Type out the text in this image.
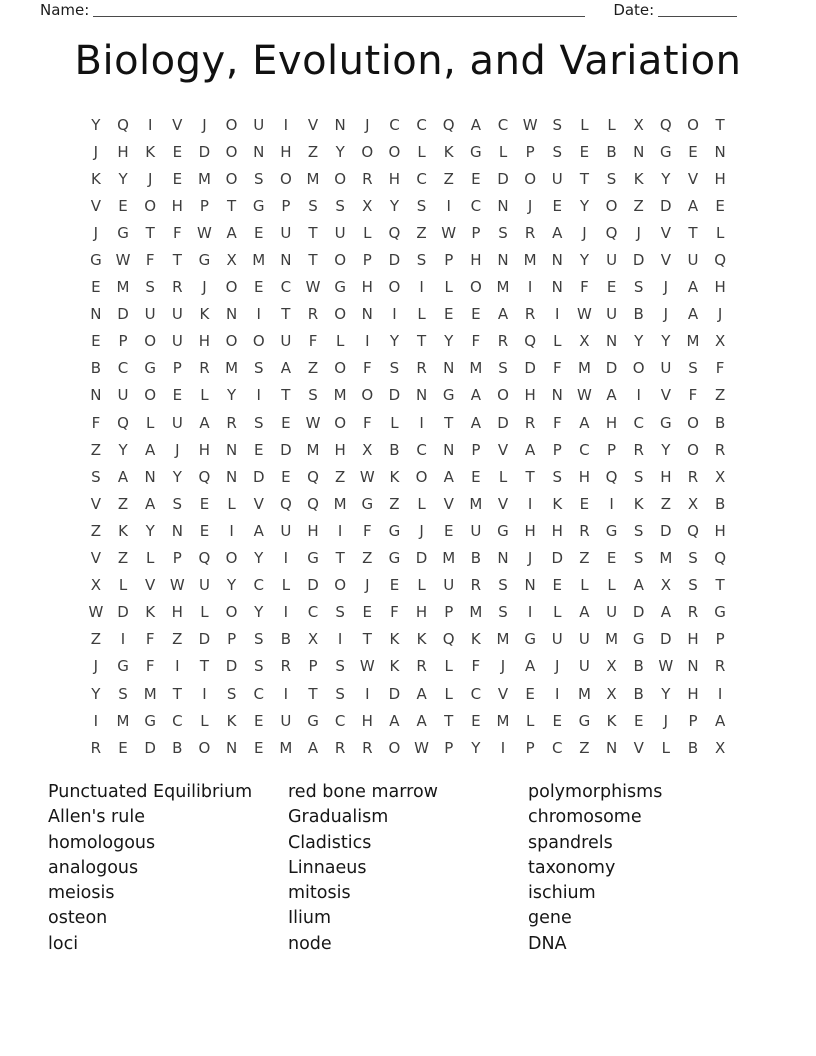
Name:	Date:
Biology, Evolution, and Variation
Y	Q	I	V	J	O	U	I	V	N	J	C	C	Q	A	C W S	L	L	X	Q	O	T
J	H	K	E	D	O	N	H	Z	Y	O	O	L	K	G	L	P	S	E	B	N	G	E	N
K	Y	J	E	M O	S	O M O	R	H	C	Z	E	D	O	U	T	S	K	Y	V	H
V	E	O	H	P	T	G	P	S	S	X	Y	S	I	C	N	J	E	Y	O	Z	D	A	E
J	G	T	F	W A	E	U	T	U	L	Q	Z W	P	S	R	A	J	Q	J	V	T	L
G W	F	T	G	X	M	N	T	O	P	D	S	P	H	N	M	N	Y	U	D	V	U	Q
E	M	S	R	J	O	E	C W G	H	O	I	L	O M	I	N	F	E	S	J	A	H
N	D	U	U	K	N	I	T	R	O	N	I	L	E	E	A	R	I	W U	B	J	A	J
E	P	O	U	H	O	O	U	F	L	I	Y	T	Y	F	R	Q	L	X	N	Y	Y	M	X
B	C	G	P	R	M	S	A	Z	O	F	S	R	N	M	S	D	F	M D	O	U	S	F
N	U	O	E	L	Y	I	T	S	M O	D	N	G	A	O	H	N W A	I	V	F	Z
F	Q	L	U	A	R	S	E W O	F	L	I	T	A	D	R	F	A	H	C	G	O	B
Z	Y	A	J	H	N	E	D M	H	X	B	C	N	P	V	A	P	C	P	R	Y	O	R
S	A	N	Y	Q	N	D	E	Q	Z W K	O	A	E	L	T	S	H	Q	S	H	R	X
V	Z	A	S	E	L	V	Q	Q M G	Z	L	V	M	V	I	K	E	I	K	Z	X	B
Z	K	Y	N	E	I	A	U	H	I	F	G	J	E	U	G	H	H	R	G	S	D	Q	H
V	Z	L	P	Q	O	Y	I	G	T	Z	G	D M	B	N	J	D	Z	E	S	M	S	Q
X	L	V W U	Y	C	L	D	O	J	E	L	U	R	S	N	E	L	L	A	X	S	T
W D	K	H	L	O	Y	I	C	S	E	F	H	P	M	S	I	L	A	U	D	A	R	G
Z	I	F	Z	D	P	S	B	X	I	T	K	K	Q	K	M G	U	U	M G	D	H	P
J	G	F	I	T	D	S	R	P	S W K	R	L	F	J	A	J	U	X	B W N	R
Y	S	M	T	I	S	C	I	T	S	I	D	A	L	C	V	E	I	M	X	B	Y	H	I
I	M G	C	L	K	E	U	G	C	H	A	A	T	E	M	L	E	G	K	E	J	P	A
R	E	D	B	O	N	E	M	A	R	R	O W	P	Y	I	P	C	Z	N	V	L	B	X
Punctuated Equilibrium
Allen's rule
homologous
analogous
meiosis
osteon
loci
red bone marrow
Gradualism
Cladistics
Linnaeus
mitosis
Ilium
node
polymorphisms
chromosome
spandrels
taxonomy
ischium
gene
DNA
